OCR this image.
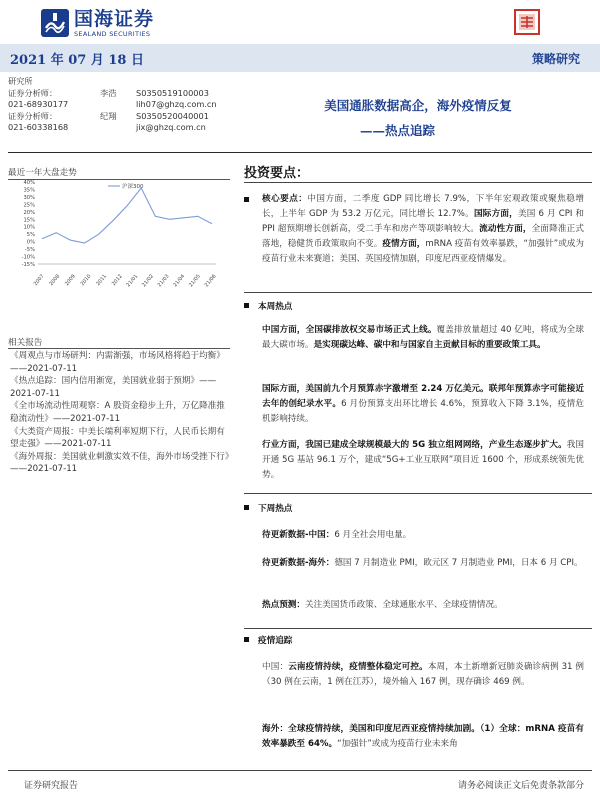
国海证券
SEALAND SECURITIES
2021 年 07 月 18 日	策略研究
研究所
证券分析师：	李浩 S0350519100003
021-68930177	lih07@ghzq.com.cn
证券分析师：	纪翔 S0350520040001
021-60338168	jix@ghzq.com.cn
美国通胀数据高企，海外疫情反复
——热点追踪
最近一年大盘走势
40%
35%
30%
25%
20%
15%
10%
5%
0%
-5%
-10%
-15%
2007 2008 2009 2010 2011 2012 21/01 21/02 21/03 21/04 21/05 21/06
沪深300
相关报告
《周观点与市场研判：内需渐强，市场风格将趋于均衡》——2021-07-11
《热点追踪：国内信用渐宽，美国就业弱于预期》——2021-07-11
《全市场流动性周观察：A 股资金稳步上升，万亿降准推稳流动性》——2021-07-11
《大类资产周报：中美长端利率短期下行，人民币长期有望走强》——2021-07-11
《海外周报：美国就业刺激实效不佳，海外市场受挫下行》——2021-07-11
投资要点：
核心要点：中国方面，二季度 GDP 同比增长 7.9%，下半年宏观政策或聚焦稳增长，上半年 GDP 为 53.2 万亿元，同比增长 12.7%。国际方面，美国 6 月 CPI 和 PPI 超预期增长创新高，受二手车和房产等项影响较大。流动性方面，全面降准正式落地，稳健货币政策取向不变。疫情方面，mRNA 疫苗有效率暴跌，“加强针”或成为疫苗行业未来赛道；美国、英国疫情加剧，印度尼西亚疫情爆发。
本周热点
中国方面，全国碳排放权交易市场正式上线。覆盖排放量超过 40 亿吨，将成为全球最大碳市场。是实现碳达峰、碳中和与国家自主贡献目标的重要政策工具。
国际方面，美国前九个月预算赤字激增至 2.24 万亿美元。联邦年预算赤字可能接近去年的创纪录水平。6 月份预算支出环比增长 4.6%，预算收入下降 3.1%，疫情危机影响持续。
行业方面，我国已建成全球规模最大的 5G 独立组网网络，产业生态逐步扩大。我国开通 5G 基站 96.1 万个，建成“5G+工业互联网”项目近 1600 个，形成系统领先优势。
下周热点
待更新数据-中国：6 月全社会用电量。
待更新数据-海外：德国 7 月制造业 PMI，欧元区 7 月制造业 PMI，日本 6 月 CPI。
热点预测：关注美国货币政策、全球通胀水平、全球疫情情况。
疫情追踪
中国：云南疫情持续，疫情整体稳定可控。本周，本土新增新冠肺炎确诊病例 31 例（30 例在云南，1 例在江苏），境外输入 167 例，现存确诊 469 例。
海外：全球疫情持续，美国和印度尼西亚疫情持续加剧。（1）全球：mRNA 疫苗有效率暴跌至 64%。“加强针”或成为疫苗行业未来角
证券研究报告	请务必阅读正文后免责条款部分
